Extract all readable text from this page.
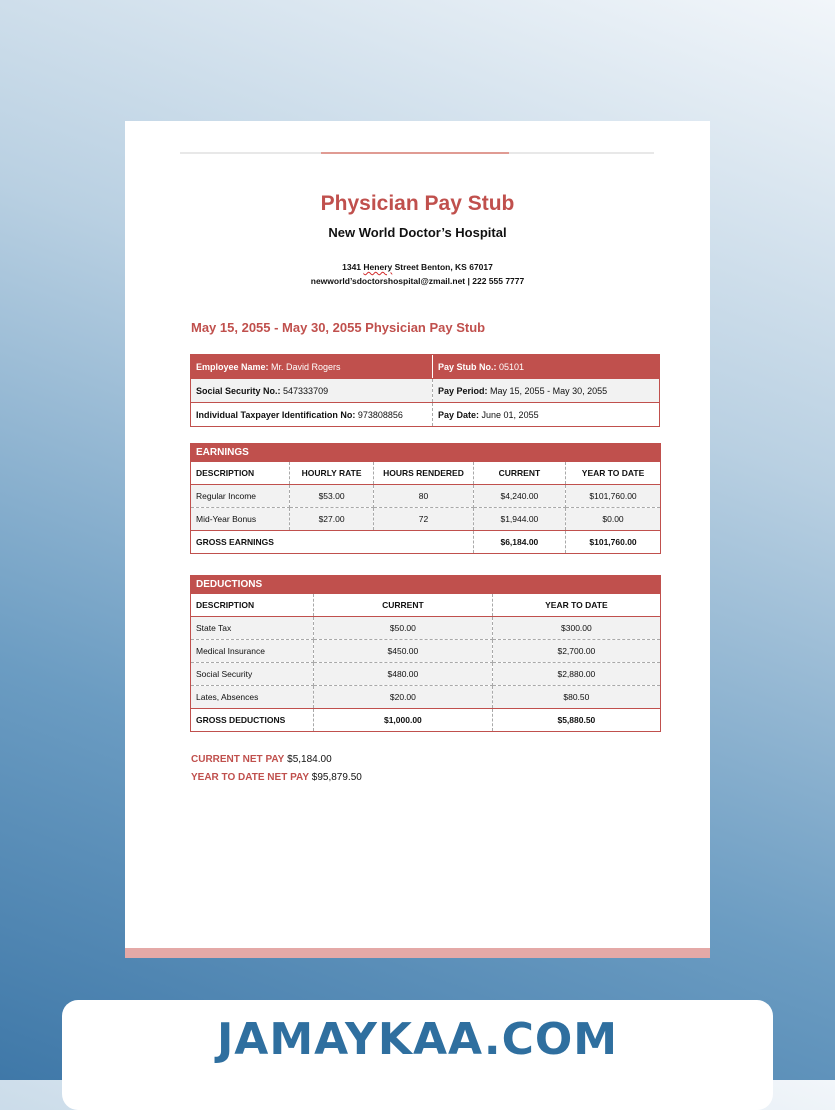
Physician Pay Stub
New World Doctor’s Hospital
1341 Henery Street Benton, KS 67017
newworld’sdoctorshospital@zmail.net | 222 555 7777
May 15, 2055 - May 30, 2055 Physician Pay Stub
Employee Name: Mr. David Rogers	Pay Stub No.: 05101
Social Security No.: 547333709	Pay Period: May 15, 2055 - May 30, 2055
Individual Taxpayer Identification No: 973808856	Pay Date: June 01, 2055
EARNINGS
DESCRIPTION	HOURLY RATE	HOURS RENDERED	CURRENT	YEAR TO DATE
Regular Income	$53.00	80	$4,240.00	$101,760.00
Mid-Year Bonus	$27.00	72	$1,944.00	$0.00
GROSS EARNINGS			$6,184.00	$101,760.00
DEDUCTIONS
DESCRIPTION	CURRENT	YEAR TO DATE
State Tax	$50.00	$300.00
Medical Insurance	$450.00	$2,700.00
Social Security	$480.00	$2,880.00
Lates, Absences	$20.00	$80.50
GROSS DEDUCTIONS	$1,000.00	$5,880.50
CURRENT NET PAY $5,184.00
YEAR TO DATE NET PAY $95,879.50
JAMAYKAA.COM
